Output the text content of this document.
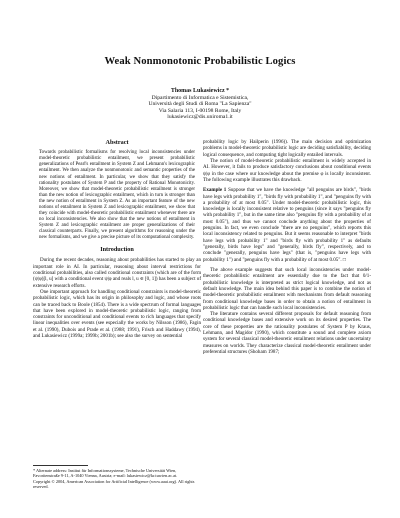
Weak Nonmonotonic Probabilistic Logics
Thomas Lukasiewicz *
Dipartimento di Informatica e Sistemistica,
Università degli Studi di Roma "La Sapienza"
Via Salaria 113, I-00198 Rome, Italy
lukasiewicz@dis.uniroma1.it
Abstract

Towards probabilistic formalisms for resolving local inconsistencies under model-theoretic probabilistic entailment, we present probabilistic generalizations of Pearl's entailment in System Z and Lehmann's lexicographic entailment. We then analyze the nonmonotonic and semantic properties of the new notions of entailment. In particular, we show that they satisfy the rationality postulates of System P and the property of Rational Monotonicity. Moreover, we show that model-theoretic probabilistic entailment is stronger than the new notion of lexicographic entailment, which in turn is stronger than the new notion of entailment in System Z. As an important feature of the new notions of entailment in System Z and lexicographic entailment, we show that they coincide with model-theoretic probabilistic entailment whenever there are no local inconsistencies. We also show that the new notions of entailment in System Z and lexicographic entailment are proper generalizations of their classical counterparts. Finally, we present algorithms for reasoning under the new formalisms, and we give a precise picture of its computational complexity.

Introduction

During the recent decades, reasoning about probabilities has started to play an important role in AI. In particular, reasoning about interval restrictions for conditional probabilities, also called conditional constraints (which are of the form (ψ|φ)[l, u] with a conditional event ψ|φ and reals l, u ∈ [0, 1]) has been a subject of extensive research efforts.

One important approach for handling conditional constraints is model-theoretic probabilistic logic, which has its origin in philosophy and logic, and whose roots can be traced back to Boole (1854). There is a wide spectrum of formal languages that have been explored in model-theoretic probabilistic logic, ranging from constraints for unconditional and conditional events to rich languages that specify linear inequalities over events (see especially the works by Nilsson (1986), Fagin et al. (1990), Dubois and Prade et al. (1988; 1991), Frisch and Haddawy (1994), and Lukasiewicz (1999a; 1999b; 2001b); see also the survey on sentential

* Alternate address: Institut für Informationssysteme, Technische Universität Wien, Favoritenstraße 9-11, A-1040 Vienna, Austria; e-mail: lukasiewicz@kr.tuwien.ac.at.

Copyright © 2004, American Association for Artificial Intelligence (www.aaai.org). All rights reserved.

probability logic by Hailperin (1996)). The main decision and optimization problems in model-theoretic probabilistic logic are deciding satisfiability, deciding logical consequence, and computing tight logically entailed intervals.

The notion of model-theoretic probabilistic entailment is widely accepted in AI. However, it fails to produce satisfactory conclusions about conditional events ψ|φ in the case where our knowledge about the premise φ is locally inconsistent. The following example illustrates this drawback.

Example 1 Suppose that we have the knowledge "all penguins are birds", "birds have legs with probability 1", "birds fly with probability 1", and "penguins fly with a probability of at most 0.05". Under model-theoretic probabilistic logic, this knowledge is locally inconsistent relative to penguins (since it says "penguins fly with probability 1", but in the same time also "penguins fly with a probability of at most 0.05"), and thus we cannot conclude anything about the properties of penguins. In fact, we even conclude "there are no penguins", which reports this local inconsistency related to penguins. But it seems reasonable to interpret "birds have legs with probability 1" and "birds fly with probability 1" as defaults "generally, birds have legs" and "generally, birds fly", respectively, and to conclude "generally, penguins have legs" (that is, "penguins have legs with probability 1") and "penguins fly with a probability of at most 0.05". □

The above example suggests that such local inconsistencies under model-theoretic probabilistic entailment are essentially due to the fact that 0/1-probabilistic knowledge is interpreted as strict logical knowledge, and not as default knowledge. The main idea behind this paper is to combine the notion of model-theoretic probabilistic entailment with mechanisms from default reasoning from conditional knowledge bases in order to obtain a notion of entailment in probabilistic logic that can handle such local inconsistencies.

The literature contains several different proposals for default reasoning from conditional knowledge bases and extensive work on its desired properties. The core of these properties are the rationality postulates of System P by Kraus, Lehmann, and Magidor (1990), which constitute a sound and complete axiom system for several classical model-theoretic entailment relations under uncertainty measures on worlds. They characterize classical model-theoretic entailment under preferential structures (Shoham 1987;
